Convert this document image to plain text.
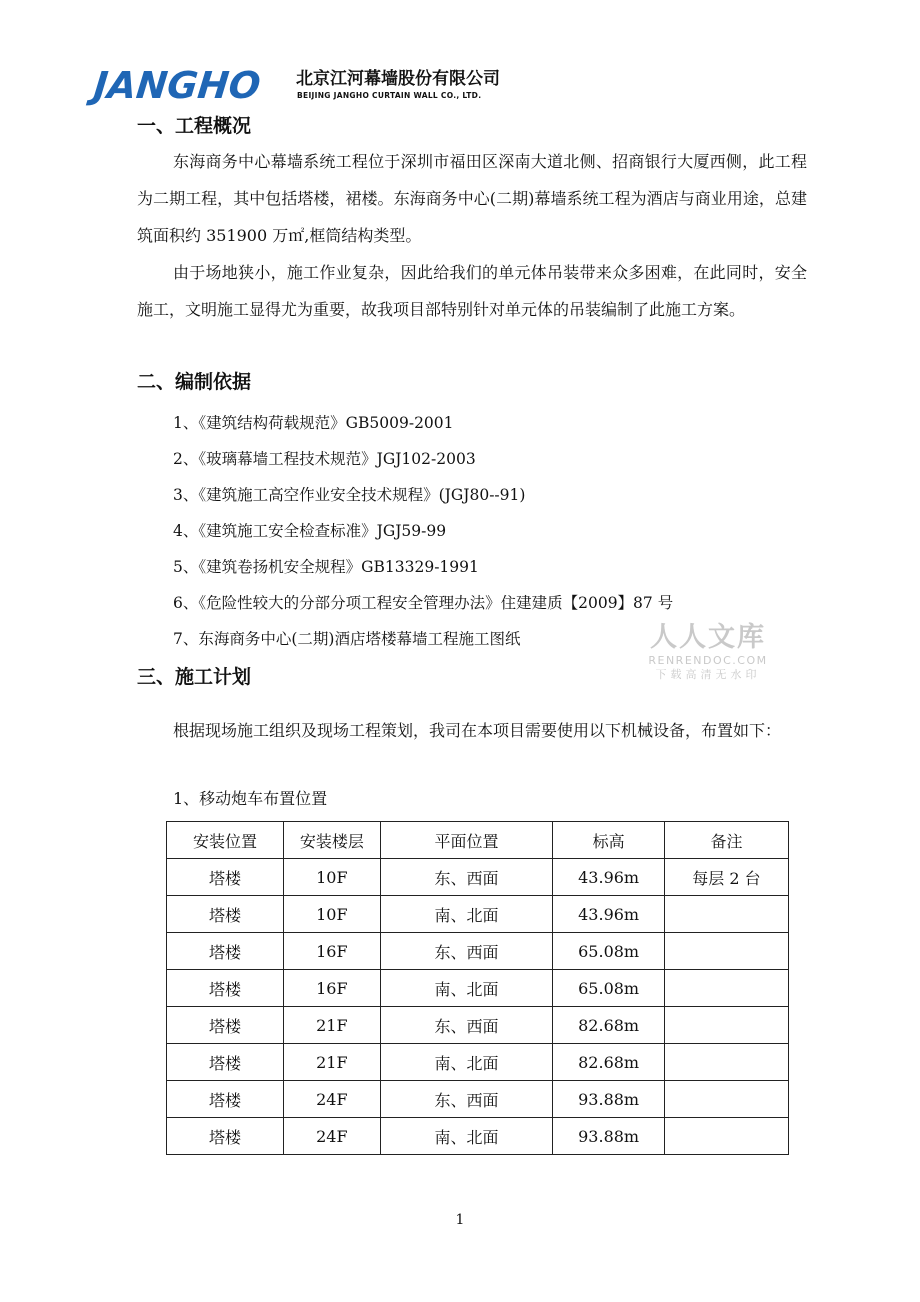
JANGHO 北京江河幕墙股份有限公司
BEIJING JANGHO CURTAIN WALL CO., LTD.
一、工程概况
东海商务中心幕墙系统工程位于深圳市福田区深南大道北侧、招商银行大厦西侧，此工程为二期工程，其中包括塔楼，裙楼。东海商务中心(二期)幕墙系统工程为酒店与商业用途，总建筑面积约 351900 万㎡,框筒结构类型。
由于场地狭小，施工作业复杂，因此给我们的单元体吊装带来众多困难，在此同时，安全施工，文明施工显得尤为重要，故我项目部特别针对单元体的吊装编制了此施工方案。
二、编制依据
1、《建筑结构荷载规范》GB5009-2001
2、《玻璃幕墙工程技术规范》JGJ102-2003
3、《建筑施工高空作业安全技术规程》(JGJ80--91)
4、《建筑施工安全检查标准》JGJ59-99
5、《建筑卷扬机安全规程》GB13329-1991
6、《危险性较大的分部分项工程安全管理办法》住建建质【2009】87 号
7、东海商务中心(二期)酒店塔楼幕墙工程施工图纸	人人文库
RENRENDOC.COM
下载高清无水印
三、施工计划
根据现场施工组织及现场工程策划，我司在本项目需要使用以下机械设备，布置如下：
1、移动炮车布置位置
安装位置	安装楼层	平面位置	标高	备注
塔楼	10F	东、西面	43.96m	每层 2 台
塔楼	10F	南、北面	43.96m	
塔楼	16F	东、西面	65.08m	
塔楼	16F	南、北面	65.08m	
塔楼	21F	东、西面	82.68m	
塔楼	21F	南、北面	82.68m	
塔楼	24F	东、西面	93.88m	
塔楼	24F	南、北面	93.88m	
1
